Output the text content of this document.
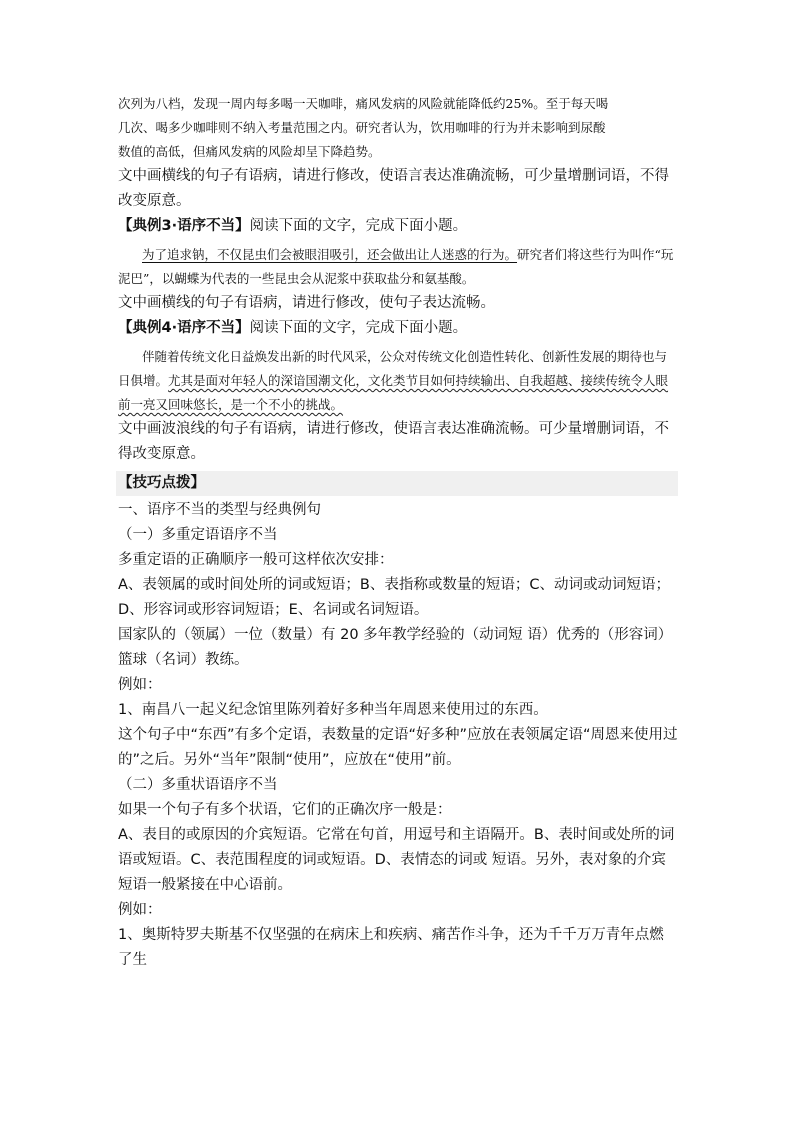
次列为八档，发现一周内每多喝一天咖啡，痛风发病的风险就能降低约25%。至于每天喝

几次、喝多少咖啡则不纳入考量范围之内。研究者认为，饮用咖啡的行为并未影响到尿酸

数值的高低，但痛风发病的风险却呈下降趋势。

文中画横线的句子有语病，请进行修改，使语言表达准确流畅，可少量增删词语，不得改变原意。

【典例3·语序不当】阅读下面的文字，完成下面小题。

为了追求钠，不仅昆虫们会被眼泪吸引，还会做出让人迷惑的行为。研究者们将这些行为叫作“玩泥巴”，以蝴蝶为代表的一些昆虫会从泥浆中获取盐分和氨基酸。

文中画横线的句子有语病，请进行修改，使句子表达流畅。

【典例4·语序不当】阅读下面的文字，完成下面小题。

伴随着传统文化日益焕发出新的时代风采，公众对传统文化创造性转化、创新性发展的期待也与日俱增。尤其是面对年轻人的深谙国潮文化，文化类节目如何持续输出、自我超越、接续传统令人眼前一亮又回味悠长，是一个不小的挑战。

文中画波浪线的句子有语病，请进行修改，使语言表达准确流畅。可少量增删词语，不得改变原意。

【技巧点拨】

一、语序不当的类型与经典例句

（一）多重定语语序不当

多重定语的正确顺序一般可这样依次安排：

A、表领属的或时间处所的词或短语；B、表指称或数量的短语；C、动词或动词短语；D、形容词或形容词短语；E、名词或名词短语。

国家队的（领属）一位（数量）有 20 多年教学经验的（动词短 语）优秀的（形容词）篮球（名词）教练。

例如：

1、南昌八一起义纪念馆里陈列着好多种当年周恩来使用过的东西。

这个句子中“东西”有多个定语，表数量的定语“好多种”应放在表领属定语“周恩来使用过的”之后。另外“当年”限制“使用”，应放在“使用”前。

（二）多重状语语序不当

如果一个句子有多个状语，它们的正确次序一般是：

A、表目的或原因的介宾短语。它常在句首，用逗号和主语隔开。B、表时间或处所的词语或短语。C、表范围程度的词或短语。D、表情态的词或 短语。另外，表对象的介宾短语一般紧接在中心语前。

例如：

1、奥斯特罗夫斯基不仅坚强的在病床上和疾病、痛苦作斗争，还为千千万万青年点燃了生
